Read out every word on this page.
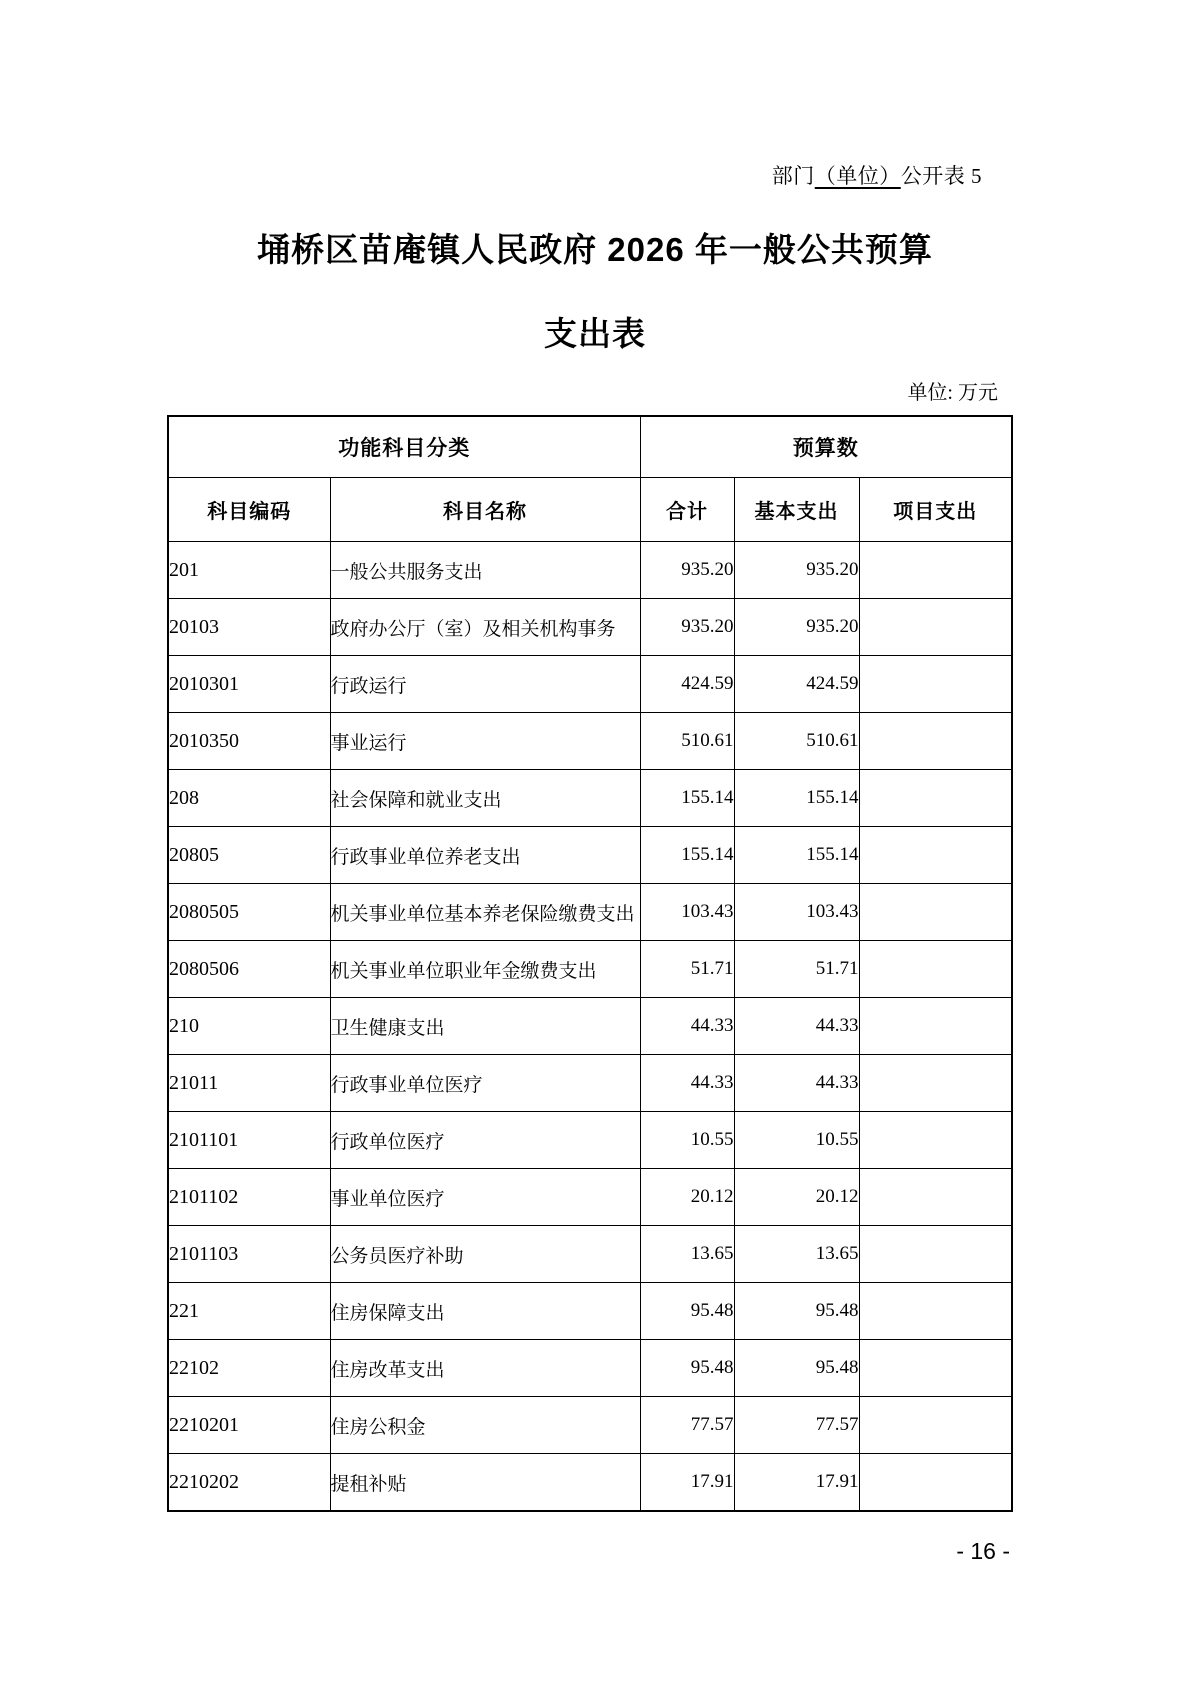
部门（单位）公开表 5
埇桥区苗庵镇人民政府 2026 年一般公共预算
支出表
单位: 万元
功能科目分类		预算数		
科目编码	科目名称	合计	基本支出	项目支出
201	一般公共服务支出	935.20	935.20	
20103	政府办公厅（室）及相关机构事务	935.20	935.20	
2010301	行政运行	424.59	424.59	
2010350	事业运行	510.61	510.61	
208	社会保障和就业支出	155.14	155.14	
20805	行政事业单位养老支出	155.14	155.14	
2080505	机关事业单位基本养老保险缴费支出	103.43	103.43	
2080506	机关事业单位职业年金缴费支出	51.71	51.71	
210	卫生健康支出	44.33	44.33	
21011	行政事业单位医疗	44.33	44.33	
2101101	行政单位医疗	10.55	10.55	
2101102	事业单位医疗	20.12	20.12	
2101103	公务员医疗补助	13.65	13.65	
221	住房保障支出	95.48	95.48	
22102	住房改革支出	95.48	95.48	
2210201	住房公积金	77.57	77.57	
2210202	提租补贴	17.91	17.91	
- 16 -
